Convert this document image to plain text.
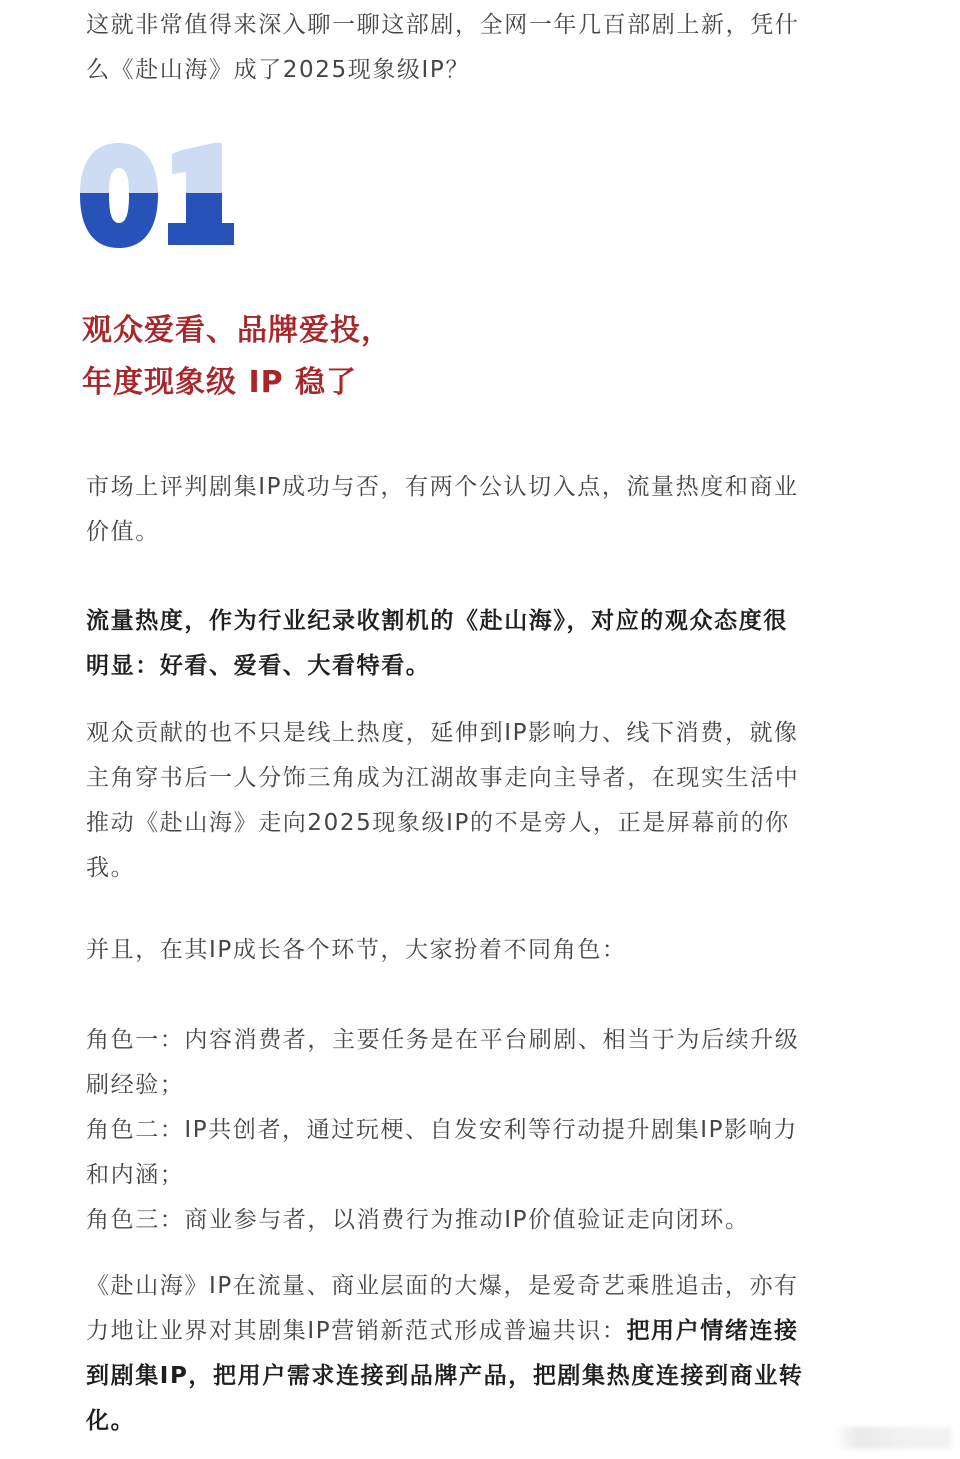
这就非常值得来深入聊一聊这部剧，全网一年几百部剧上新，凭什
么《赴山海》成了2025现象级IP？
观众爱看、品牌爱投，
年度现象级 IP 稳了
市场上评判剧集IP成功与否，有两个公认切入点，流量热度和商业
价值。
流量热度，作为行业纪录收割机的《赴山海》，对应的观众态度很
明显：好看、爱看、大看特看。
观众贡献的也不只是线上热度，延伸到IP影响力、线下消费，就像
主角穿书后一人分饰三角成为江湖故事走向主导者，在现实生活中
推动《赴山海》走向2025现象级IP的不是旁人，正是屏幕前的你
我。
并且，在其IP成长各个环节，大家扮着不同角色：
角色一：内容消费者，主要任务是在平台刷剧、相当于为后续升级
刷经验；
角色二：IP共创者，通过玩梗、自发安利等行动提升剧集IP影响力
和内涵；
角色三：商业参与者，以消费行为推动IP价值验证走向闭环。
《赴山海》IP在流量、商业层面的大爆，是爱奇艺乘胜追击，亦有
力地让业界对其剧集IP营销新范式形成普遍共识：把用户情绪连接
到剧集IP，把用户需求连接到品牌产品，把剧集热度连接到商业转
化。
